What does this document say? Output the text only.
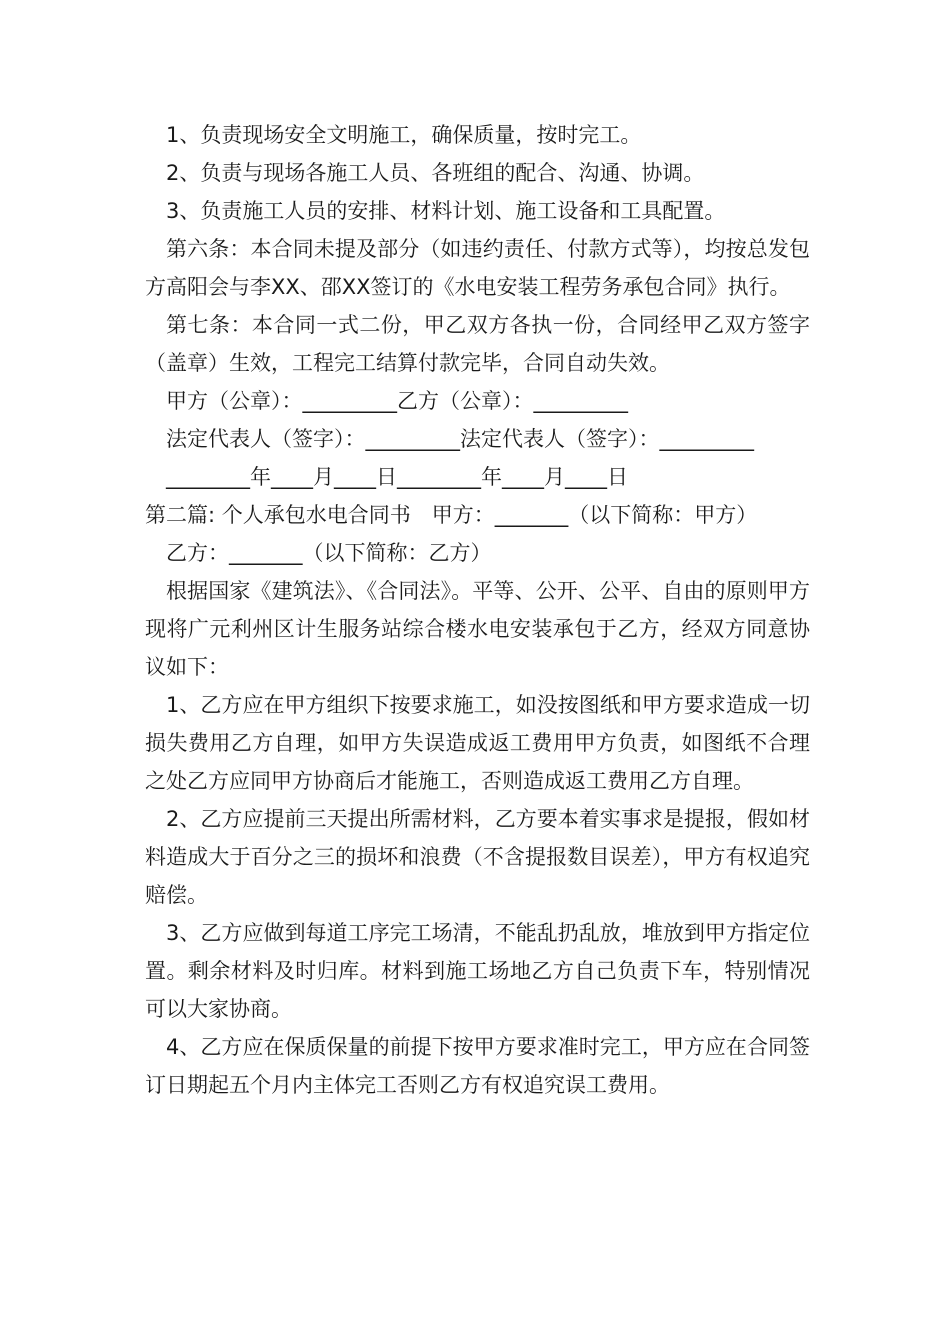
1、负责现场安全文明施工，确保质量，按时完工。

2、负责与现场各施工人员、各班组的配合、沟通、协调。

3、负责施工人员的安排、材料计划、施工设备和工具配置。

第六条：本合同未提及部分（如违约责任、付款方式等），均按总发包方高阳会与李XX、邵XX签订的《水电安装工程劳务承包合同》执行。

第七条：本合同一式二份，甲乙双方各执一份，合同经甲乙双方签字（盖章）生效，工程完工结算付款完毕，合同自动失效。

甲方（公章）：_________乙方（公章）：_________

法定代表人（签字）：_________法定代表人（签字）：_________

________年____月____日________年____月____日

第二篇: 个人承包水电合同书　甲方：_______（以下简称：甲方）

乙方：_______（以下简称：乙方）

根据国家《建筑法》、《合同法》。平等、公开、公平、自由的原则甲方现将广元利州区计生服务站综合楼水电安装承包于乙方，经双方同意协议如下：

1、乙方应在甲方组织下按要求施工，如没按图纸和甲方要求造成一切损失费用乙方自理，如甲方失误造成返工费用甲方负责，如图纸不合理之处乙方应同甲方协商后才能施工，否则造成返工费用乙方自理。

2、乙方应提前三天提出所需材料，乙方要本着实事求是提报，假如材料造成大于百分之三的损坏和浪费（不含提报数目误差），甲方有权追究赔偿。

3、乙方应做到每道工序完工场清，不能乱扔乱放，堆放到甲方指定位置。剩余材料及时归库。材料到施工场地乙方自己负责下车，特别情况可以大家协商。

4、乙方应在保质保量的前提下按甲方要求准时完工，甲方应在合同签订日期起五个月内主体完工否则乙方有权追究误工费用。
